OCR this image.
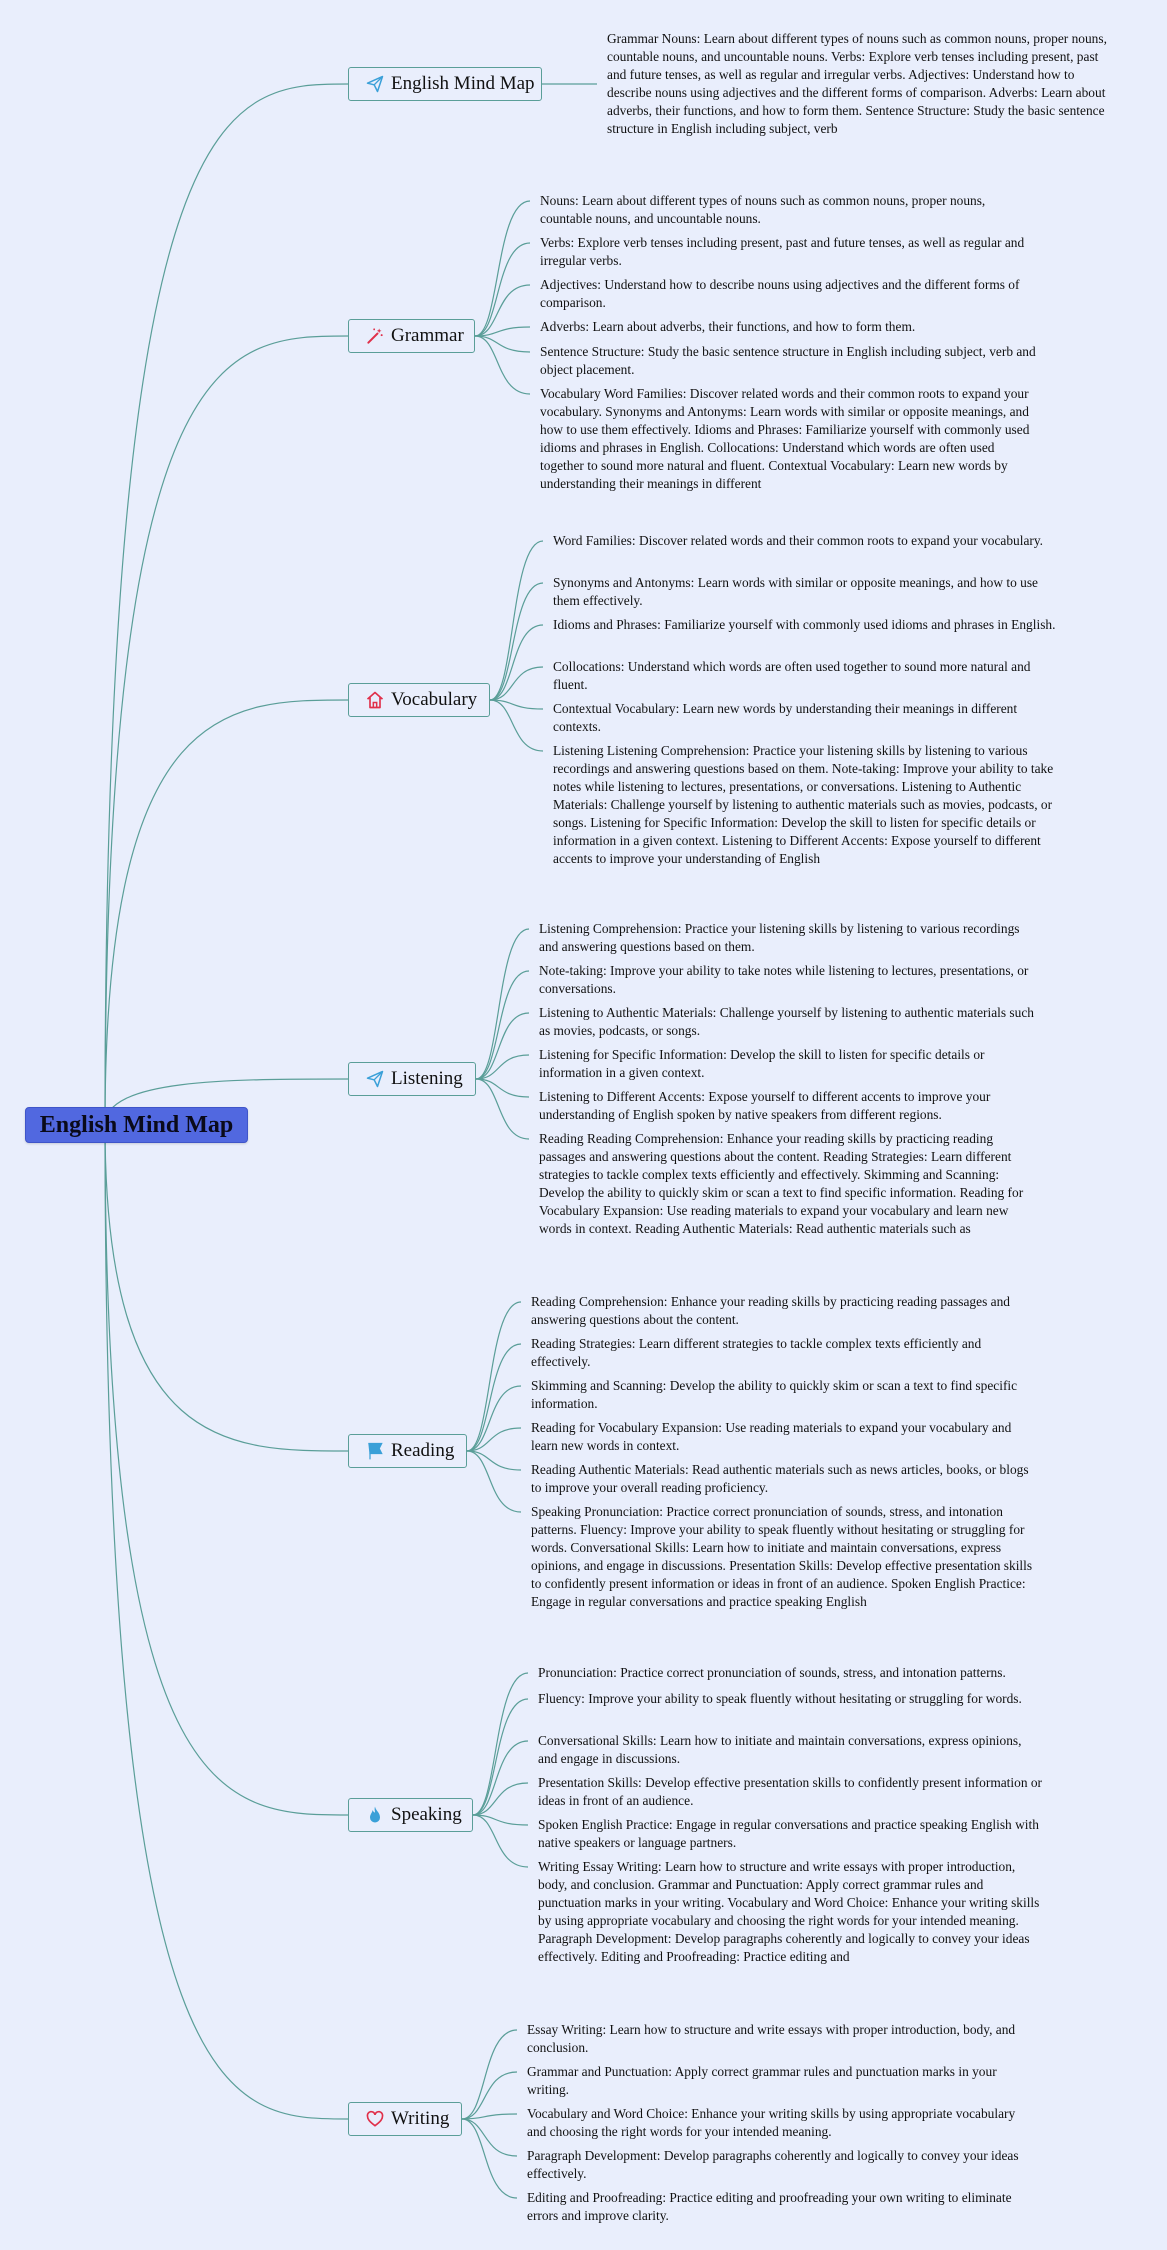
English Mind Map
English Mind Map
Grammar
Vocabulary
Listening
Reading
Speaking
Writing
Grammar Nouns: Learn about different types of nouns such as common nouns, proper nouns, countable nouns, and uncountable nouns. Verbs: Explore verb tenses including present, past and future tenses, as well as regular and irregular verbs. Adjectives: Understand how to describe nouns using adjectives and the different forms of comparison. Adverbs: Learn about adverbs, their functions, and how to form them. Sentence Structure: Study the basic sentence structure in English including subject, verb
Nouns: Learn about different types of nouns such as common nouns, proper nouns, countable nouns, and uncountable nouns.
Verbs: Explore verb tenses including present, past and future tenses, as well as regular and irregular verbs.
Adjectives: Understand how to describe nouns using adjectives and the different forms of comparison.
Adverbs: Learn about adverbs, their functions, and how to form them.
Sentence Structure: Study the basic sentence structure in English including subject, verb and object placement.
Vocabulary Word Families: Discover related words and their common roots to expand your vocabulary. Synonyms and Antonyms: Learn words with similar or opposite meanings, and how to use them effectively. Idioms and Phrases: Familiarize yourself with commonly used idioms and phrases in English. Collocations: Understand which words are often used together to sound more natural and fluent. Contextual Vocabulary: Learn new words by understanding their meanings in different
Word Families: Discover related words and their common roots to expand your vocabulary.
Synonyms and Antonyms: Learn words with similar or opposite meanings, and how to use them effectively.
Idioms and Phrases: Familiarize yourself with commonly used idioms and phrases in English.
Collocations: Understand which words are often used together to sound more natural and fluent.
Contextual Vocabulary: Learn new words by understanding their meanings in different contexts.
Listening Listening Comprehension: Practice your listening skills by listening to various recordings and answering questions based on them. Note-taking: Improve your ability to take notes while listening to lectures, presentations, or conversations. Listening to Authentic Materials: Challenge yourself by listening to authentic materials such as movies, podcasts, or songs. Listening for Specific Information: Develop the skill to listen for specific details or information in a given context. Listening to Different Accents: Expose yourself to different accents to improve your understanding of English
Listening Comprehension: Practice your listening skills by listening to various recordings and answering questions based on them.
Note-taking: Improve your ability to take notes while listening to lectures, presentations, or conversations.
Listening to Authentic Materials: Challenge yourself by listening to authentic materials such as movies, podcasts, or songs.
Listening for Specific Information: Develop the skill to listen for specific details or information in a given context.
Listening to Different Accents: Expose yourself to different accents to improve your understanding of English spoken by native speakers from different regions.
Reading Reading Comprehension: Enhance your reading skills by practicing reading passages and answering questions about the content. Reading Strategies: Learn different strategies to tackle complex texts efficiently and effectively. Skimming and Scanning: Develop the ability to quickly skim or scan a text to find specific information. Reading for Vocabulary Expansion: Use reading materials to expand your vocabulary and learn new words in context. Reading Authentic Materials: Read authentic materials such as
Reading Comprehension: Enhance your reading skills by practicing reading passages and answering questions about the content.
Reading Strategies: Learn different strategies to tackle complex texts efficiently and effectively.
Skimming and Scanning: Develop the ability to quickly skim or scan a text to find specific information.
Reading for Vocabulary Expansion: Use reading materials to expand your vocabulary and learn new words in context.
Reading Authentic Materials: Read authentic materials such as news articles, books, or blogs to improve your overall reading proficiency.
Speaking Pronunciation: Practice correct pronunciation of sounds, stress, and intonation patterns. Fluency: Improve your ability to speak fluently without hesitating or struggling for words. Conversational Skills: Learn how to initiate and maintain conversations, express opinions, and engage in discussions. Presentation Skills: Develop effective presentation skills to confidently present information or ideas in front of an audience. Spoken English Practice: Engage in regular conversations and practice speaking English
Pronunciation: Practice correct pronunciation of sounds, stress, and intonation patterns.
Fluency: Improve your ability to speak fluently without hesitating or struggling for words.
Conversational Skills: Learn how to initiate and maintain conversations, express opinions, and engage in discussions.
Presentation Skills: Develop effective presentation skills to confidently present information or ideas in front of an audience.
Spoken English Practice: Engage in regular conversations and practice speaking English with native speakers or language partners.
Writing Essay Writing: Learn how to structure and write essays with proper introduction, body, and conclusion. Grammar and Punctuation: Apply correct grammar rules and punctuation marks in your writing. Vocabulary and Word Choice: Enhance your writing skills by using appropriate vocabulary and choosing the right words for your intended meaning. Paragraph Development: Develop paragraphs coherently and logically to convey your ideas effectively. Editing and Proofreading: Practice editing and
Essay Writing: Learn how to structure and write essays with proper introduction, body, and conclusion.
Grammar and Punctuation: Apply correct grammar rules and punctuation marks in your writing.
Vocabulary and Word Choice: Enhance your writing skills by using appropriate vocabulary and choosing the right words for your intended meaning.
Paragraph Development: Develop paragraphs coherently and logically to convey your ideas effectively.
Editing and Proofreading: Practice editing and proofreading your own writing to eliminate errors and improve clarity.
